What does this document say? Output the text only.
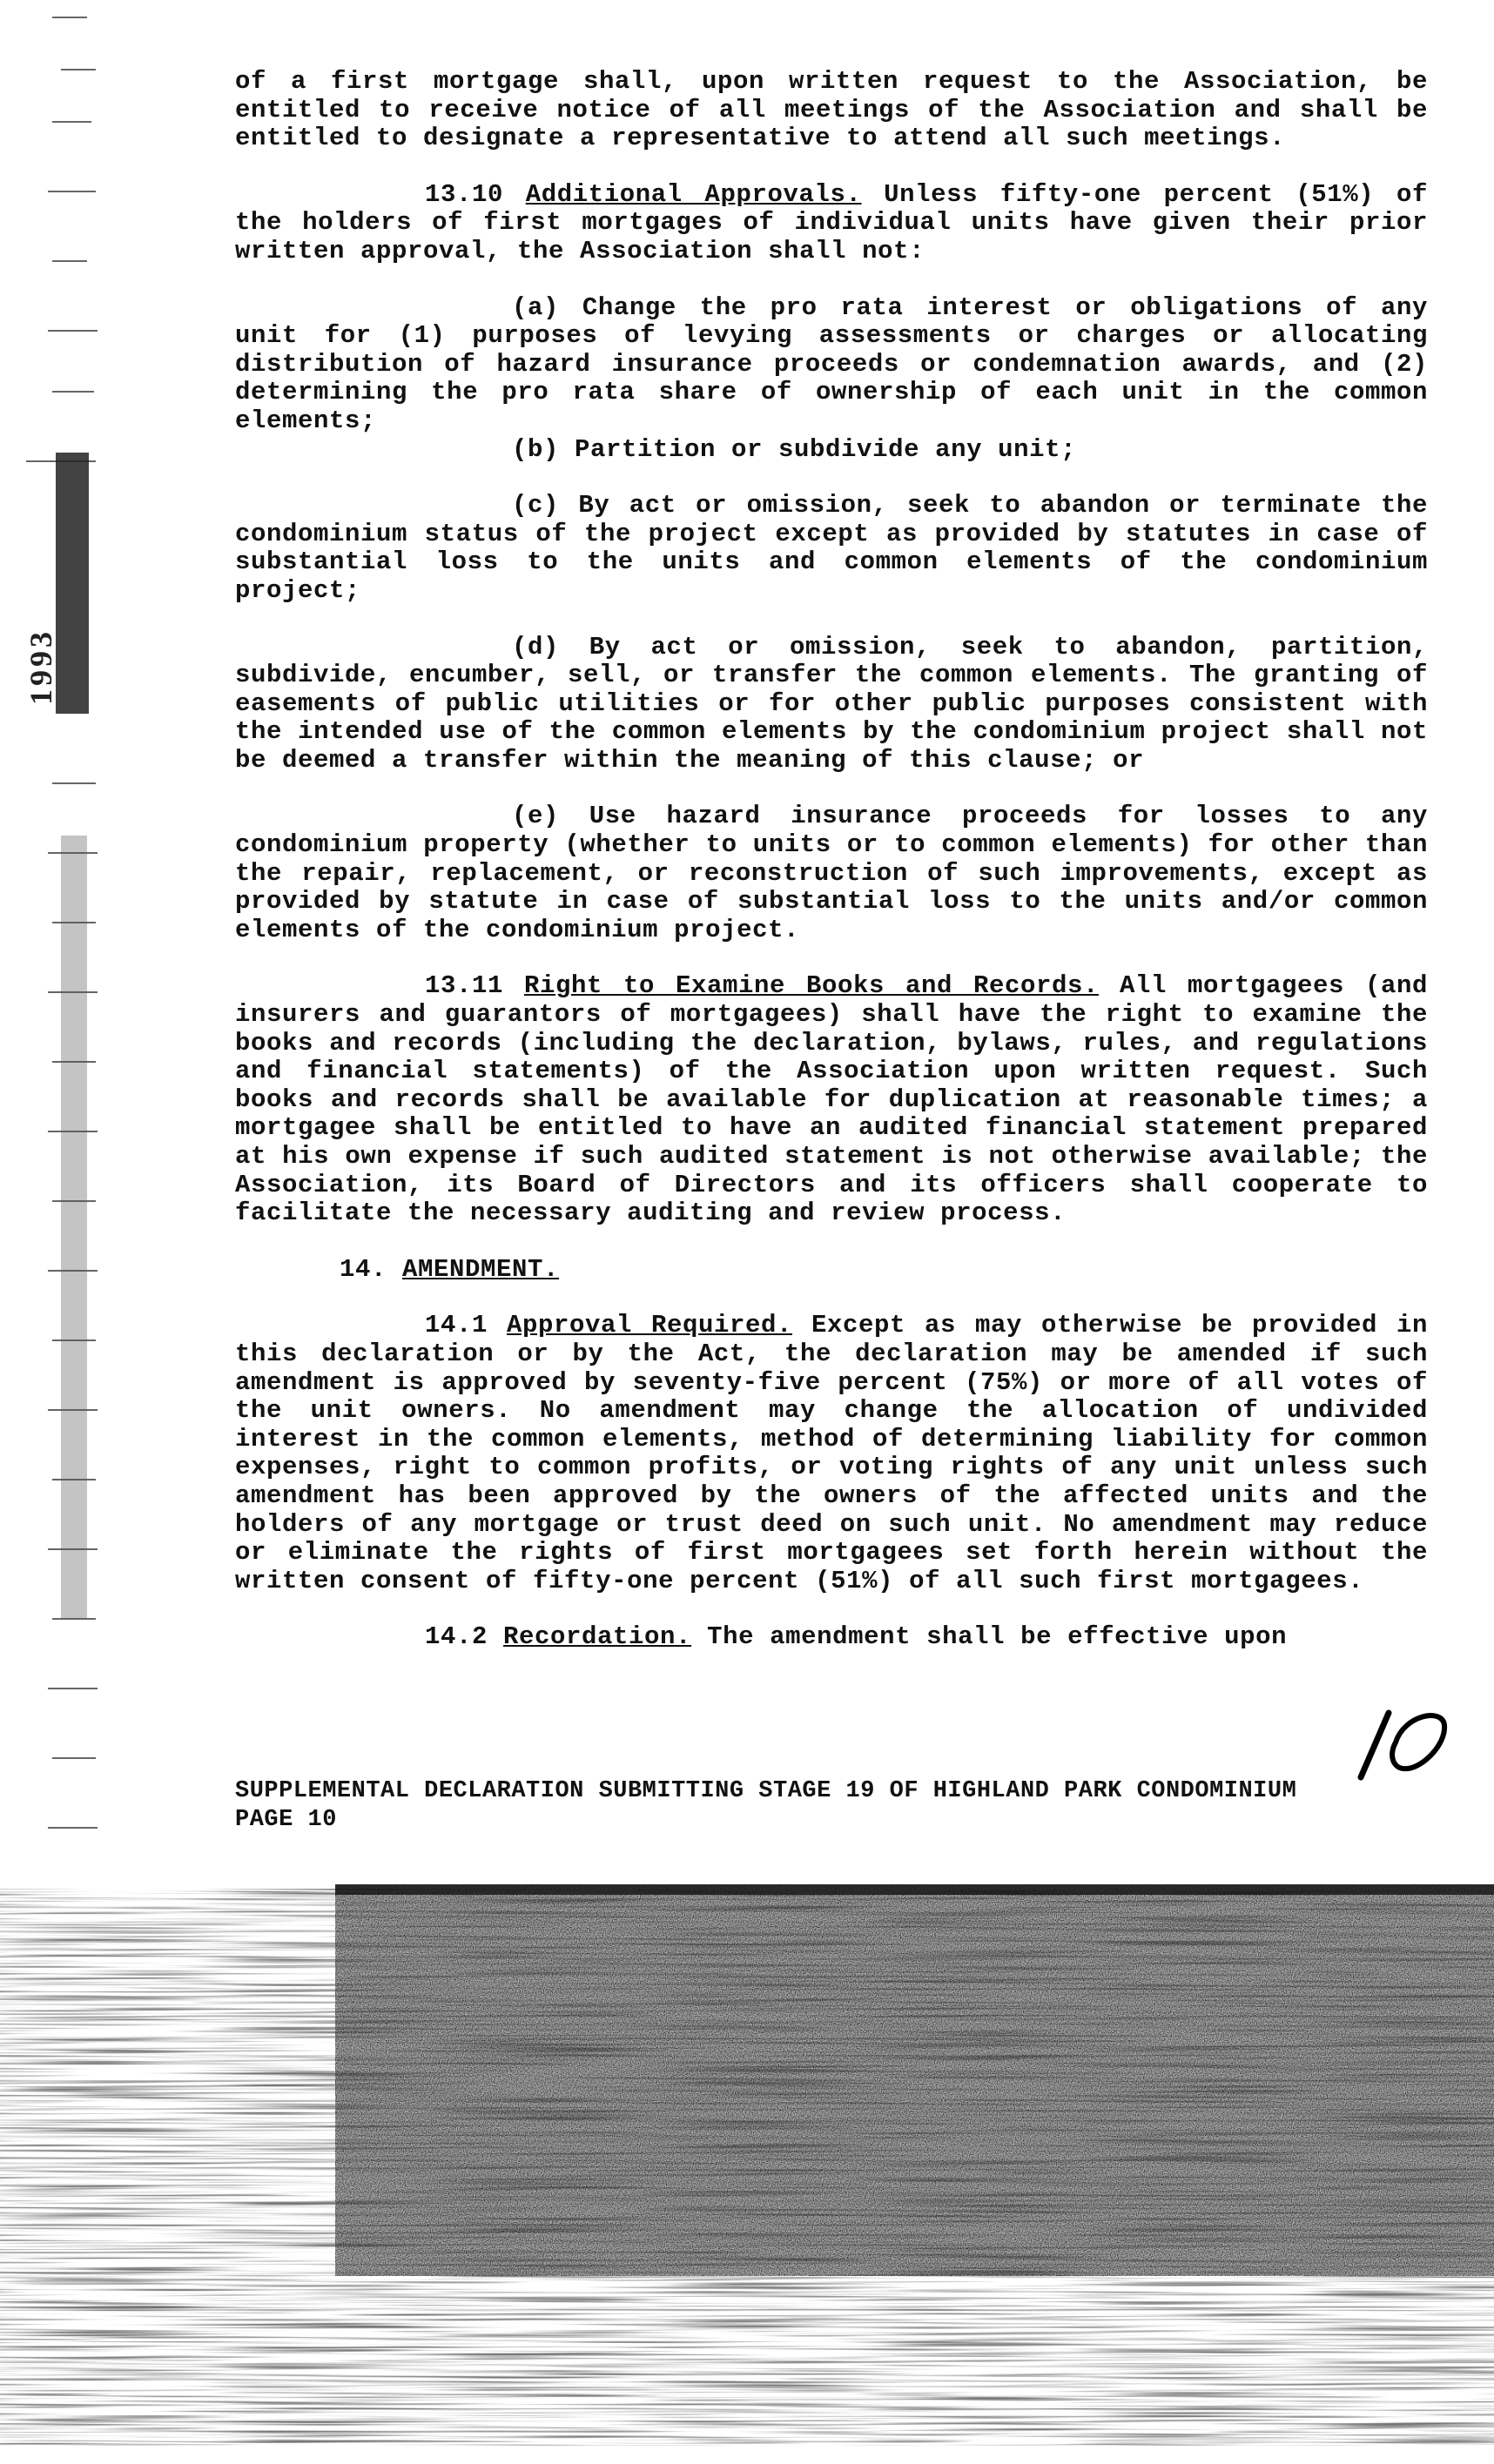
1993

of a first mortgage shall, upon written request to the Association, be entitled to receive notice of all meetings of the Association and shall be entitled to designate a representative to attend all such meetings.

13.10 Additional Approvals. Unless fifty-one percent (51%) of the holders of first mortgages of individual units have given their prior written approval, the Association shall not:

(a) Change the pro rata interest or obligations of any unit for (1) purposes of levying assessments or charges or allocating distribution of hazard insurance proceeds or condemnation awards, and (2) determining the pro rata share of ownership of each unit in the common elements;

(b) Partition or subdivide any unit;

(c) By act or omission, seek to abandon or terminate the condominium status of the project except as provided by statutes in case of substantial loss to the units and common elements of the condominium project;

(d) By act or omission, seek to abandon, partition, subdivide, encumber, sell, or transfer the common elements. The granting of easements of public utilities or for other public purposes consistent with the intended use of the common elements by the condominium project shall not be deemed a transfer within the meaning of this clause; or

(e) Use hazard insurance proceeds for losses to any condominium property (whether to units or to common elements) for other than the repair, replacement, or reconstruction of such improvements, except as provided by statute in case of substantial loss to the units and/or common elements of the condominium project.

13.11 Right to Examine Books and Records. All mortgagees (and insurers and guarantors of mortgagees) shall have the right to examine the books and records (including the declaration, bylaws, rules, and regulations and financial statements) of the Association upon written request. Such books and records shall be available for duplication at reasonable times; a mortgagee shall be entitled to have an audited financial statement prepared at his own expense if such audited statement is not otherwise available; the Association, its Board of Directors and its officers shall cooperate to facilitate the necessary auditing and review process.

14. AMENDMENT.

14.1 Approval Required. Except as may otherwise be provided in this declaration or by the Act, the declaration may be amended if such amendment is approved by seventy-five percent (75%) or more of all votes of the unit owners. No amendment may change the allocation of undivided interest in the common elements, method of determining liability for common expenses, right to common profits, or voting rights of any unit unless such amendment has been approved by the owners of the affected units and the holders of any mortgage or trust deed on such unit. No amendment may reduce or eliminate the rights of first mortgagees set forth herein without the written consent of fifty-one percent (51%) of all such first mortgagees.

14.2 Recordation. The amendment shall be effective upon

SUPPLEMENTAL DECLARATION SUBMITTING STAGE 19 OF HIGHLAND PARK CONDOMINIUM
PAGE 10
